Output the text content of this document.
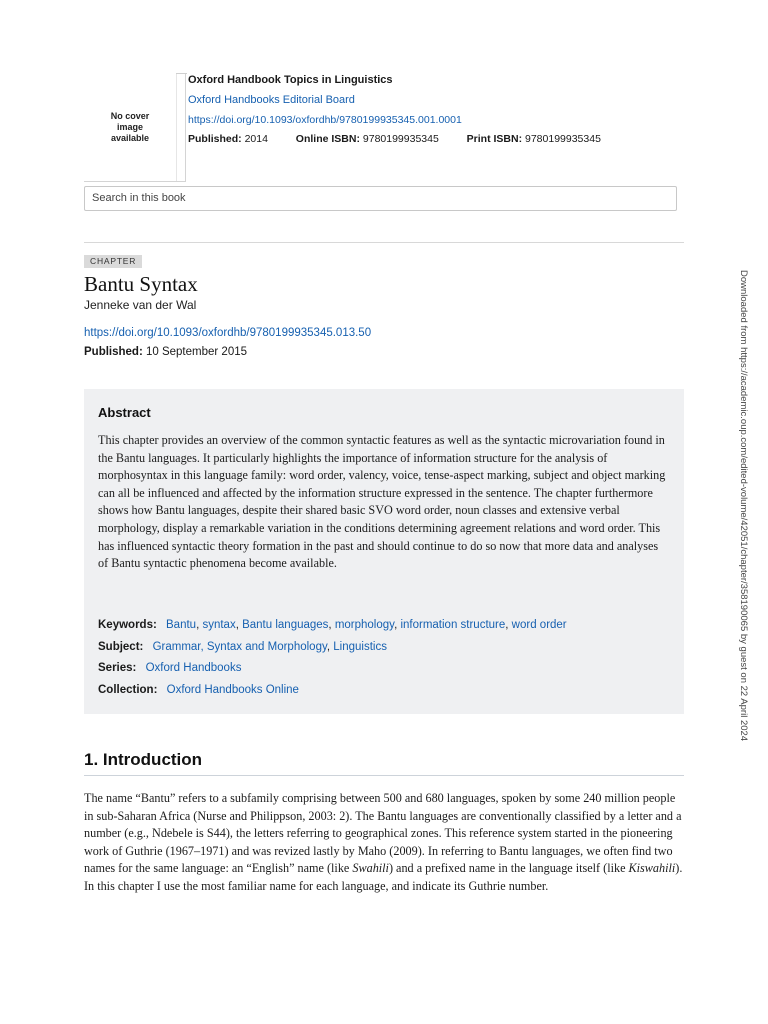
No cover image available
Oxford Handbook Topics in Linguistics
Oxford Handbooks Editorial Board
https://doi.org/10.1093/oxfordhb/9780199935345.001.0001
Published: 2014	Online ISBN: 9780199935345	Print ISBN: 9780199935345
Search in this book
CHAPTER
Bantu Syntax
Jenneke van der Wal
https://doi.org/10.1093/oxfordhb/9780199935345.013.50
Published: 10 September 2015
Abstract
This chapter provides an overview of the common syntactic features as well as the syntactic microvariation found in the Bantu languages. It particularly highlights the importance of information structure for the analysis of morphosyntax in this language family: word order, valency, voice, tense-aspect marking, subject and object marking can all be influenced and affected by the information structure expressed in the sentence. The chapter furthermore shows how Bantu languages, despite their shared basic SVO word order, noun classes and extensive verbal morphology, display a remarkable variation in the conditions determining agreement relations and word order. This has influenced syntactic theory formation in the past and should continue to do so now that more data and analyses of Bantu syntactic phenomena become available.
Keywords: Bantu, syntax, Bantu languages, morphology, information structure, word order
Subject: Grammar, Syntax and Morphology, Linguistics
Series: Oxford Handbooks
Collection: Oxford Handbooks Online
1. Introduction
The name “Bantu” refers to a subfamily comprising between 500 and 680 languages, spoken by some 240 million people in sub-Saharan Africa (Nurse and Philippson, 2003: 2). The Bantu languages are conventionally classified by a letter and a number (e.g., Ndebele is S44), the letters referring to geographical zones. This reference system started in the pioneering work of Guthrie (1967–1971) and was revized lastly by Maho (2009). In referring to Bantu languages, we often find two names for the same language: an “English” name (like Swahili) and a prefixed name in the language itself (like Kiswahili). In this chapter I use the most familiar name for each language, and indicate its Guthrie number.
Downloaded from https://academic.oup.com/edited-volume/42051/chapter/358190065 by guest on 22 April 2024
